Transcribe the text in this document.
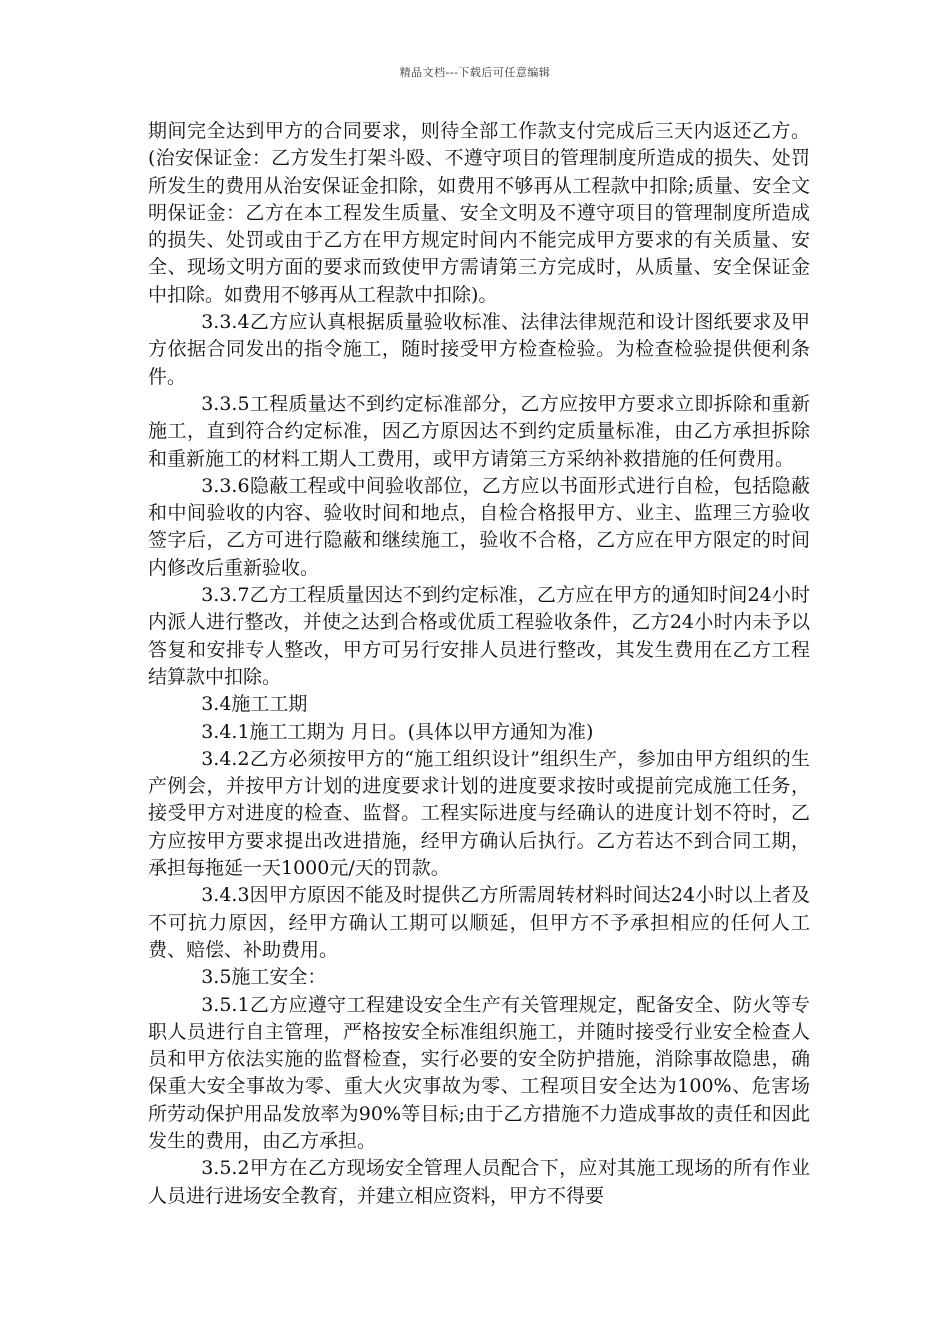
精品文档---下载后可任意编辑

期间完全达到甲方的合同要求，则待全部工作款支付完成后三天内返还乙方。(治安保证金：乙方发生打架斗殴、不遵守项目的管理制度所造成的损失、处罚所发生的费用从治安保证金扣除，如费用不够再从工程款中扣除;质量、安全文明保证金：乙方在本工程发生质量、安全文明及不遵守项目的管理制度所造成的损失、处罚或由于乙方在甲方规定时间内不能完成甲方要求的有关质量、安全、现场文明方面的要求而致使甲方需请第三方完成时，从质量、安全保证金中扣除。如费用不够再从工程款中扣除)。

3.3.4乙方应认真根据质量验收标准、法律法律规范和设计图纸要求及甲方依据合同发出的指令施工，随时接受甲方检查检验。为检查检验提供便利条件。

3.3.5工程质量达不到约定标准部分，乙方应按甲方要求立即拆除和重新施工，直到符合约定标准，因乙方原因达不到约定质量标准，由乙方承担拆除和重新施工的材料工期人工费用，或甲方请第三方采纳补救措施的任何费用。

3.3.6隐蔽工程或中间验收部位，乙方应以书面形式进行自检，包括隐蔽和中间验收的内容、验收时间和地点，自检合格报甲方、业主、监理三方验收签字后，乙方可进行隐蔽和继续施工，验收不合格，乙方应在甲方限定的时间内修改后重新验收。

3.3.7乙方工程质量因达不到约定标准，乙方应在甲方的通知时间24小时内派人进行整改，并使之达到合格或优质工程验收条件，乙方24小时内未予以答复和安排专人整改，甲方可另行安排人员进行整改，其发生费用在乙方工程结算款中扣除。

3.4施工工期

3.4.1施工工期为 月日。(具体以甲方通知为准)

3.4.2乙方必须按甲方的“施工组织设计”组织生产，参加由甲方组织的生产例会，并按甲方计划的进度要求计划的进度要求按时或提前完成施工任务，接受甲方对进度的检查、监督。工程实际进度与经确认的进度计划不符时，乙方应按甲方要求提出改进措施，经甲方确认后执行。乙方若达不到合同工期，承担每拖延一天1000元/天的罚款。

3.4.3因甲方原因不能及时提供乙方所需周转材料时间达24小时以上者及不可抗力原因，经甲方确认工期可以顺延，但甲方不予承担相应的任何人工费、赔偿、补助费用。

3.5施工安全：

3.5.1乙方应遵守工程建设安全生产有关管理规定，配备安全、防火等专职人员进行自主管理，严格按安全标准组织施工，并随时接受行业安全检查人员和甲方依法实施的监督检查，实行必要的安全防护措施，消除事故隐患，确保重大安全事故为零、重大火灾事故为零、工程项目安全达为100%、危害场所劳动保护用品发放率为90%等目标;由于乙方措施不力造成事故的责任和因此发生的费用，由乙方承担。

3.5.2甲方在乙方现场安全管理人员配合下，应对其施工现场的所有作业人员进行进场安全教育，并建立相应资料，甲方不得要
